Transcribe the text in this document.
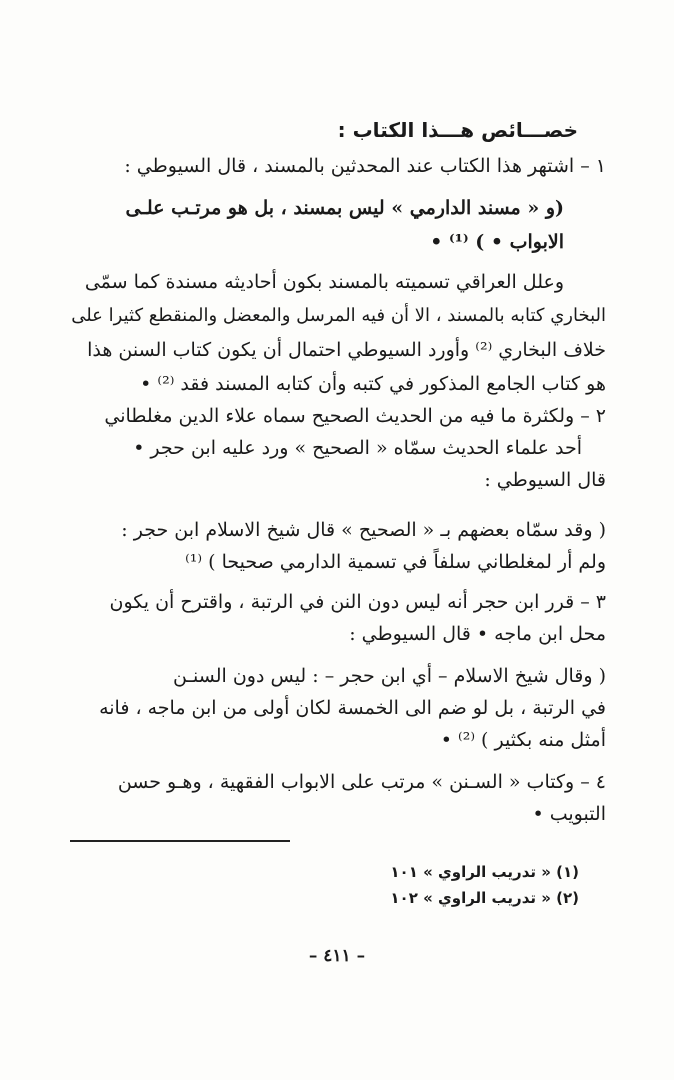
خصـــائص هـــذا الكتاب :

١ – اشتهر هذا الكتاب عند المحدثين بالمسند ، قال السيوطي :

(و « مسند الدارمي » ليس بمسند ، بل هو مرتـب علـى

الابواب • ) ⁽¹⁾ •

وعلل العراقي تسميته بالمسند بكون أحاديثه مسندة كما سمّى

البخاري كتابه بالمسند ، الا أن فيه المرسل والمعضل والمنقطع كثيرا على

خلاف البخاري ⁽²⁾ وأورد السيوطي احتمال أن يكون كتاب السنن هذا

هو كتاب الجامع المذكور في كتبه وأن كتابه المسند فقد ⁽²⁾ •

٢ – ولكثرة ما فيه من الحديث الصحيح سماه علاء الدين مغلطاني

أحد علماء الحديث سمّاه « الصحيح » ورد عليه ابن حجر •

قال السيوطي :

( وقد سمّاه بعضهم بـ « الصحيح » قال شيخ الاسلام ابن حجر :

ولم أر لمغلطاني سلفاً في تسمية الدارمي صحيحا ) ⁽¹⁾

٣ – قرر ابن حجر أنه ليس دون النن في الرتبة ، واقترح أن يكون

محل ابن ماجه • قال السيوطي :

( وقال شيخ الاسلام – أي ابن حجر – : ليس دون السنـن

في الرتبة ، بل لو ضم الى الخمسة لكان أولى من ابن ماجه ، فانه

أمثل منه بكثير ) ⁽²⁾ •

٤ – وكتاب « السـنن » مرتب على الابواب الفقهية ، وهـو حسن

التبويب •

(١) « تدريب الراوي » ١٠١

(٢) « تدريب الراوي » ١٠٢

– ٤١١ –
